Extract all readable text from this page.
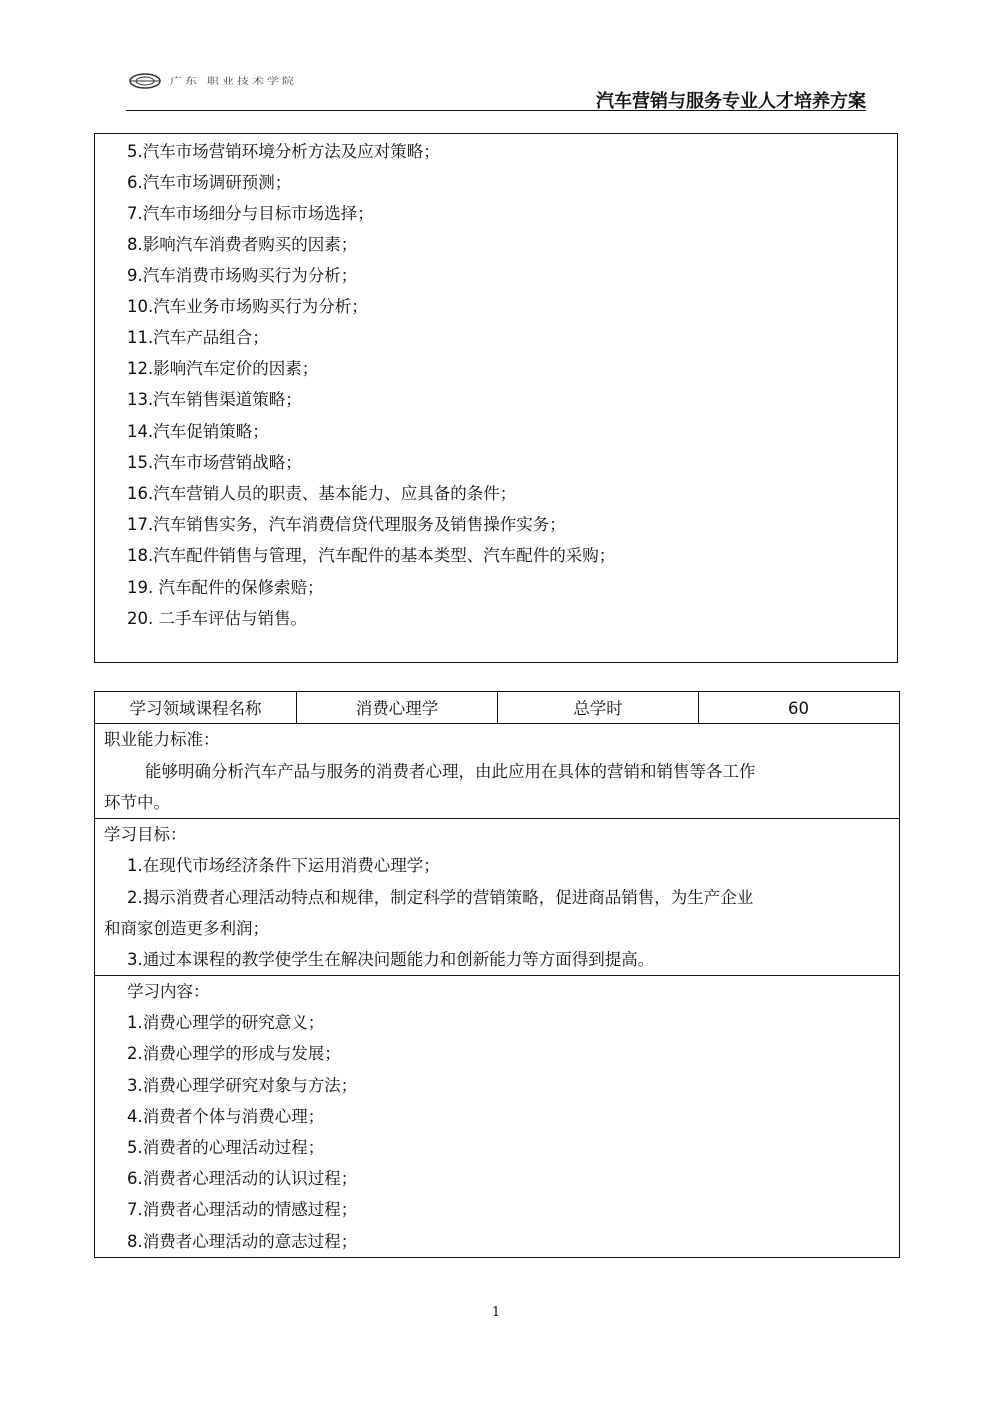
广东 职业技术学院
汽车营销与服务专业人才培养方案
5.汽车市场营销环境分析方法及应对策略；
6.汽车市场调研预测；
7.汽车市场细分与目标市场选择；
8.影响汽车消费者购买的因素；
9.汽车消费市场购买行为分析；
10.汽车业务市场购买行为分析；
11.汽车产品组合；
12.影响汽车定价的因素；
13.汽车销售渠道策略；
14.汽车促销策略；
15.汽车市场营销战略；
16.汽车营销人员的职责、基本能力、应具备的条件；
17.汽车销售实务，汽车消费信贷代理服务及销售操作实务；
18.汽车配件销售与管理，汽车配件的基本类型、汽车配件的采购；
19. 汽车配件的保修索赔；
20. 二手车评估与销售。
学习领域课程名称	消费心理学	总学时	60
职业能力标准：
能够明确分析汽车产品与服务的消费者心理，由此应用在具体的营销和销售等各工作
环节中。
学习目标：
1.在现代市场经济条件下运用消费心理学；
2.揭示消费者心理活动特点和规律，制定科学的营销策略，促进商品销售，为生产企业
和商家创造更多利润；
3.通过本课程的教学使学生在解决问题能力和创新能力等方面得到提高。
学习内容：
1.消费心理学的研究意义；
2.消费心理学的形成与发展；
3.消费心理学研究对象与方法；
4.消费者个体与消费心理；
5.消费者的心理活动过程；
6.消费者心理活动的认识过程；
7.消费者心理活动的情感过程；
8.消费者心理活动的意志过程；
1
